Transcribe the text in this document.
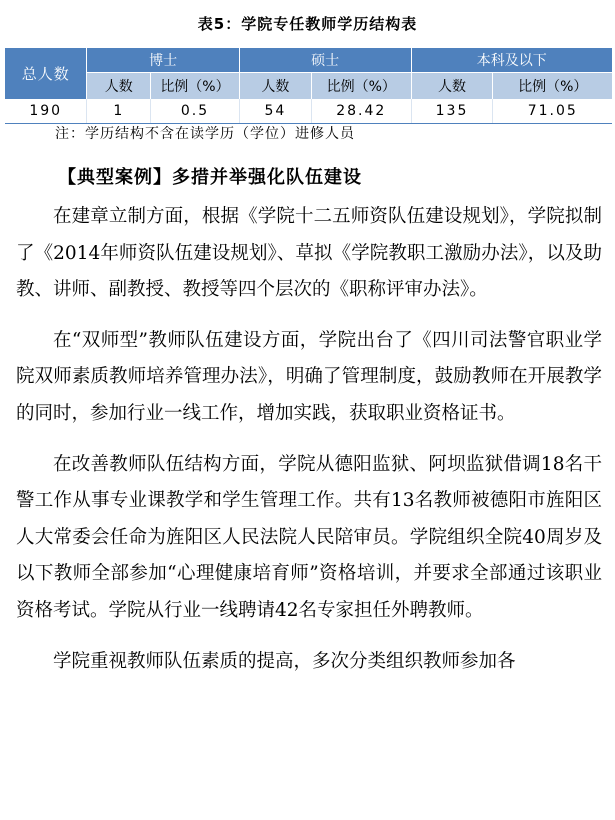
表5：学院专任教师学历结构表
总人数	博士		硕士		本科及以下	
	人数	比例（%）	人数	比例（%）	人数	比例（%）
190	1	0.5	54	28.42	135	71.05
注：学历结构不含在读学历（学位）进修人员
【典型案例】多措并举强化队伍建设

在建章立制方面，根据《学院十二五师资队伍建设规划》，学院拟制了《2014年师资队伍建设规划》、草拟《学院教职工激励办法》，以及助教、讲师、副教授、教授等四个层次的《职称评审办法》。

在“双师型”教师队伍建设方面，学院出台了《四川司法警官职业学院双师素质教师培养管理办法》，明确了管理制度，鼓励教师在开展教学的同时，参加行业一线工作，增加实践，获取职业资格证书。

在改善教师队伍结构方面，学院从德阳监狱、阿坝监狱借调18名干警工作从事专业课教学和学生管理工作。共有13名教师被德阳市旌阳区人大常委会任命为旌阳区人民法院人民陪审员。学院组织全院40周岁及以下教师全部参加“心理健康培育师”资格培训，并要求全部通过该职业资格考试。学院从行业一线聘请42名专家担任外聘教师。

学院重视教师队伍素质的提高，多次分类组织教师参加各
